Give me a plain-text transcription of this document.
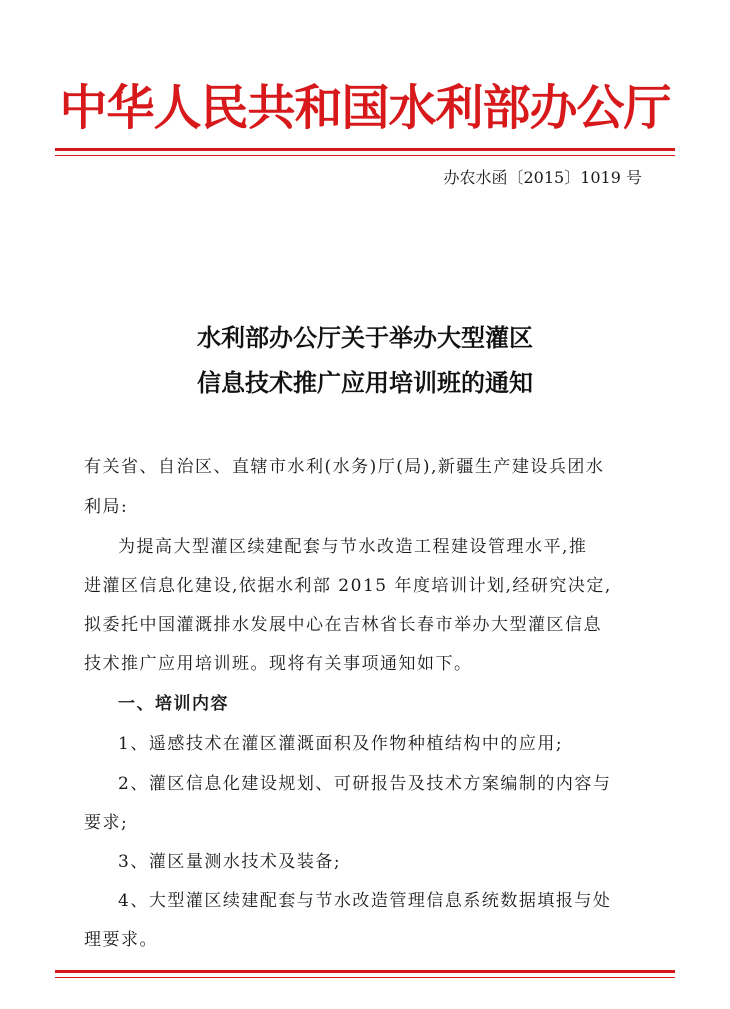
中华人民共和国水利部办公厅
办农水函〔2015〕1019 号
水利部办公厅关于举办大型灌区
信息技术推广应用培训班的通知
有关省、自治区、直辖市水利(水务)厅(局),新疆生产建设兵团水
利局:
为提高大型灌区续建配套与节水改造工程建设管理水平,推
进灌区信息化建设,依据水利部 2015 年度培训计划,经研究决定,
拟委托中国灌溉排水发展中心在吉林省长春市举办大型灌区信息
技术推广应用培训班。现将有关事项通知如下。
一、培训内容
1、遥感技术在灌区灌溉面积及作物种植结构中的应用;
2、灌区信息化建设规划、可研报告及技术方案编制的内容与
要求;
3、灌区量测水技术及装备;
4、大型灌区续建配套与节水改造管理信息系统数据填报与处
理要求。
